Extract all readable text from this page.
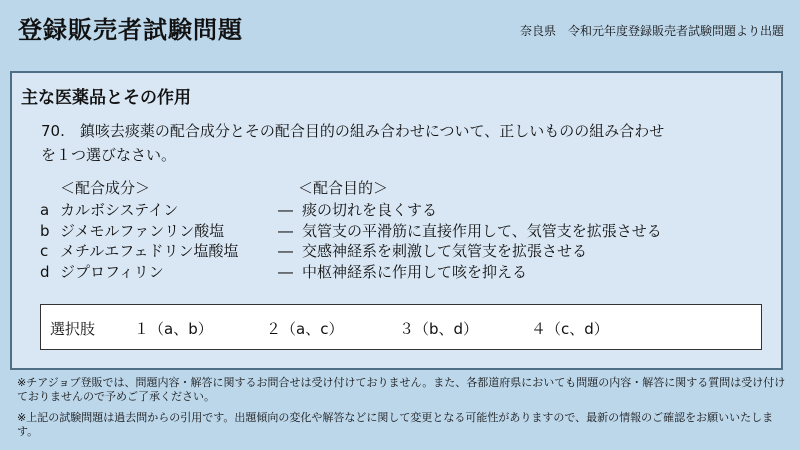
登録販売者試験問題	奈良県　令和元年度登録販売者試験問題より出題
主な医薬品とその作用
70.　鎮咳去痰薬の配合成分とその配合目的の組み合わせについて、正しいものの組み合わせ
を１つ選びなさい。
＜配合成分＞	＜配合目的＞
a カルボシステイン	― 痰の切れを良くする
b ジメモルファンリン酸塩	― 気管支の平滑筋に直接作用して、気管支を拡張させる
c メチルエフェドリン塩酸塩	― 交感神経系を刺激して気管支を拡張させる
d ジプロフィリン	― 中枢神経系に作用して咳を抑える
選択肢	１（a、b）	２（a、c）	３（b、d）	４（c、d）
※チアジョブ登販では、問題内容・解答に関するお問合せは受け付けておりません。また、各都道府県においても問題の内容・解答に関する質問は受け付けておりませんので予めご了承ください。
※上記の試験問題は過去問からの引用です。出題傾向の変化や解答などに関して変更となる可能性がありますので、最新の情報のご確認をお願いいたします。
